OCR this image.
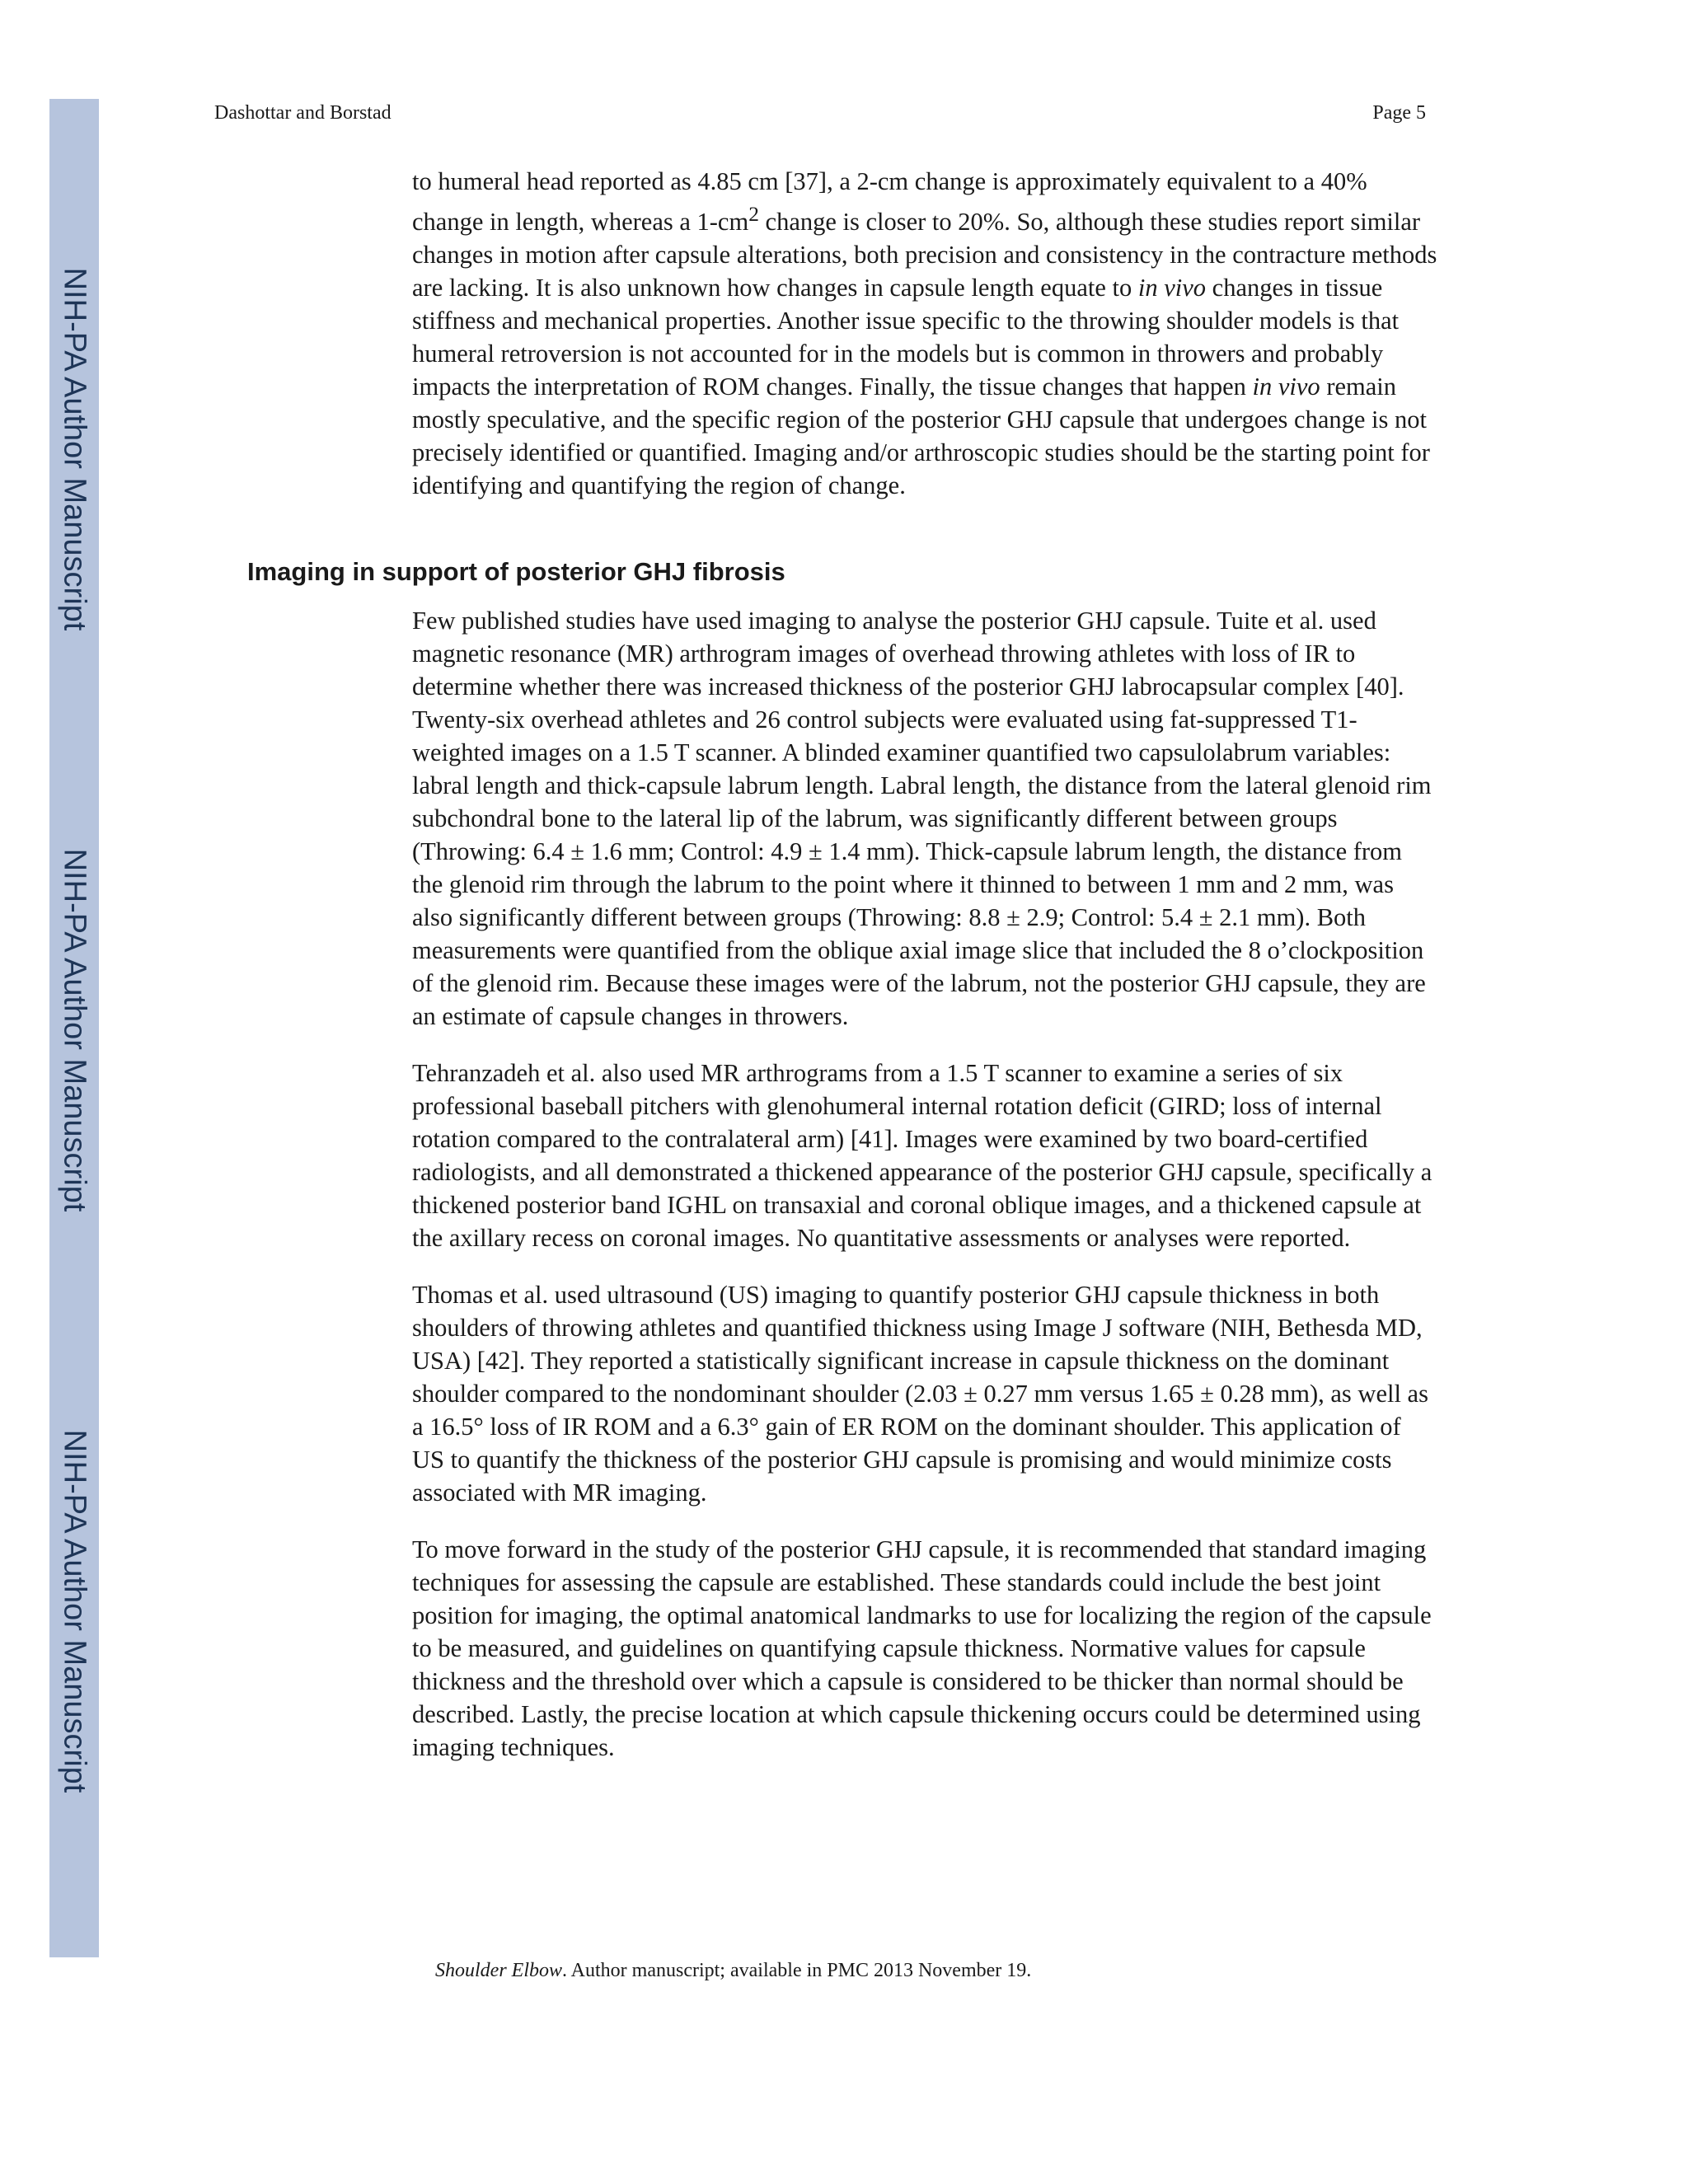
NIH-PA Author Manuscript
NIH-PA Author Manuscript
NIH-PA Author Manuscript
Dashottar and Borstad	Page 5

to humeral head reported as 4.85 cm [37], a 2-cm change is approximately equivalent to a 40% change in length, whereas a $1-cm^2$ change is closer to 20%. So, although these studies report similar changes in motion after capsule alterations, both precision and consistency in the contracture methods are lacking. It is also unknown how changes in capsule length equate to in vivo changes in tissue stiffness and mechanical properties. Another issue specific to the throwing shoulder models is that humeral retroversion is not accounted for in the models but is common in throwers and probably impacts the interpretation of ROM changes. Finally, the tissue changes that happen in vivo remain mostly speculative, and the specific region of the posterior GHJ capsule that undergoes change is not precisely identified or quantified. Imaging and/or arthroscopic studies should be the starting point for identifying and quantifying the region of change.

Imaging in support of posterior GHJ fibrosis

Few published studies have used imaging to analyse the posterior GHJ capsule. Tuite et al. used magnetic resonance (MR) arthrogram images of overhead throwing athletes with loss of IR to determine whether there was increased thickness of the posterior GHJ labrocapsular complex [40]. Twenty-six overhead athletes and 26 control subjects were evaluated using fat-suppressed T1-weighted images on a 1.5 T scanner. A blinded examiner quantified two capsulolabrum variables: labral length and thick-capsule labrum length. Labral length, the distance from the lateral glenoid rim subchondral bone to the lateral lip of the labrum, was significantly different between groups (Throwing: 6.4 ± 1.6 mm; Control: 4.9 ± 1.4 mm). Thick-capsule labrum length, the distance from the glenoid rim through the labrum to the point where it thinned to between 1 mm and 2 mm, was also significantly different between groups (Throwing: 8.8 ± 2.9; Control: 5.4 ± 2.1 mm). Both measurements were quantified from the oblique axial image slice that included the 8 o’clockposition of the glenoid rim. Because these images were of the labrum, not the posterior GHJ capsule, they are an estimate of capsule changes in throwers.

Tehranzadeh et al. also used MR arthrograms from a 1.5 T scanner to examine a series of six professional baseball pitchers with glenohumeral internal rotation deficit (GIRD; loss of internal rotation compared to the contralateral arm) [41]. Images were examined by two board-certified radiologists, and all demonstrated a thickened appearance of the posterior GHJ capsule, specifically a thickened posterior band IGHL on transaxial and coronal oblique images, and a thickened capsule at the axillary recess on coronal images. No quantitative assessments or analyses were reported.

Thomas et al. used ultrasound (US) imaging to quantify posterior GHJ capsule thickness in both shoulders of throwing athletes and quantified thickness using Image J software (NIH, Bethesda MD, USA) [42]. They reported a statistically significant increase in capsule thickness on the dominant shoulder compared to the nondominant shoulder (2.03 ± 0.27 mm versus 1.65 ± 0.28 mm), as well as a 16.5° loss of IR ROM and a 6.3° gain of ER ROM on the dominant shoulder. This application of US to quantify the thickness of the posterior GHJ capsule is promising and would minimize costs associated with MR imaging.

To move forward in the study of the posterior GHJ capsule, it is recommended that standard imaging techniques for assessing the capsule are established. These standards could include the best joint position for imaging, the optimal anatomical landmarks to use for localizing the region of the capsule to be measured, and guidelines on quantifying capsule thickness. Normative values for capsule thickness and the threshold over which a capsule is considered to be thicker than normal should be described. Lastly, the precise location at which capsule thickening occurs could be determined using imaging techniques.

Shoulder Elbow. Author manuscript; available in PMC 2013 November 19.
